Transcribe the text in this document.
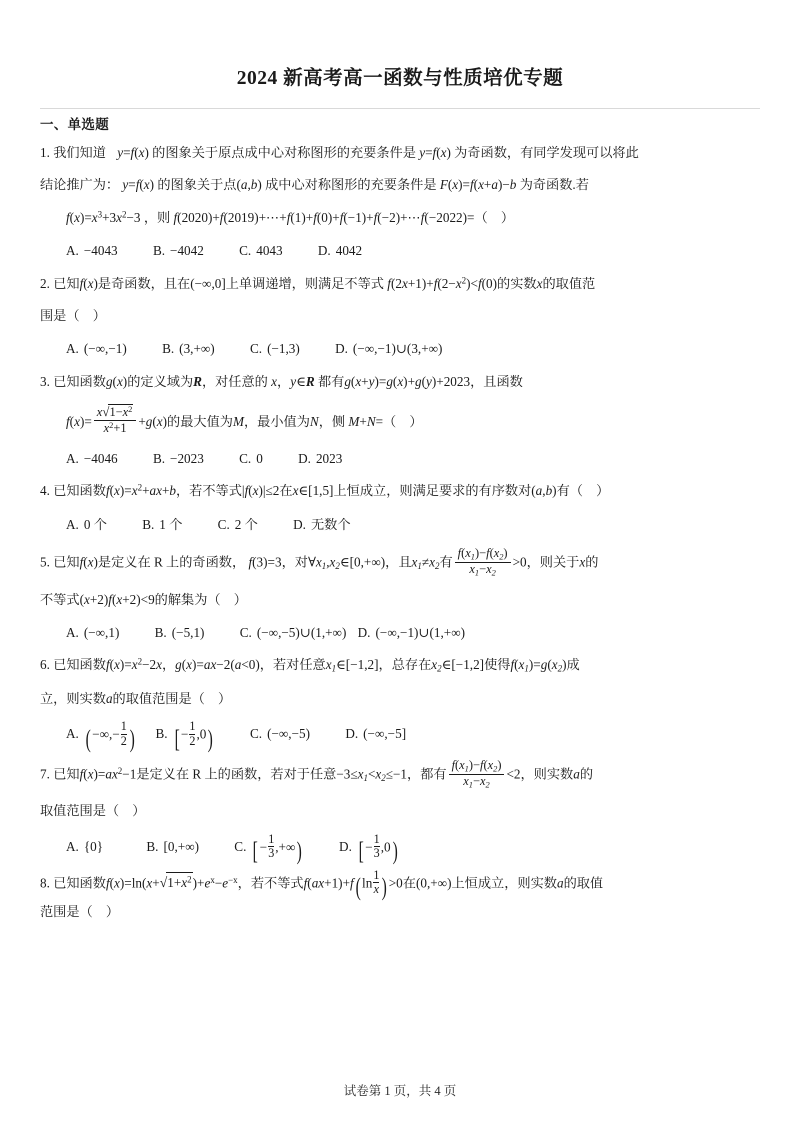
2024 新高考高一函数与性质培优专题
一、单选题
1. 我们知道 y=f(x) 的图象关于原点成中心对称图形的充要条件是 y=f(x) 为奇函数，有同学发现可以将此
结论推广为： y=f(x) 的图象关于点(a,b) 成中心对称图形的充要条件是 F(x)=f(x+a)−b 为奇函数.若
$f(x)=x^3+3x^2-3$ ，则 f(2020)+f(2019)+⋯+f(1)+f(0)+f(−1)+f(−2)+⋯f(−2022)=（　）
A. −4043	B. −4042	C. 4043	D. 4042
2. 已知f(x)是奇函数，且在(−∞,0]上单调递增，则满足不等式 $f(2x+1)+f(2-x^2)<f(0)$的实数x的取值范
围是（　）
A. (−∞,−1)	B. (3,+∞)	C. (−1,3)	D. (−∞,−1)∪(3,+∞)
3. 已知函数g(x)的定义域为R，对任意的 x，y∈R 都有g(x+y)=g(x)+g(y)+2023，且函数
$f(x)= \frac{x√1-x^2}{x^2+1} +g(x)$的最大值为M，最小值为N，侧 M+N=（　）
A. −4046	B. −2023	C. 0	D. 2023
4. 已知函数$f(x)=x^2+ax+b$，若不等式|f(x)|≤2在x∈[1,5]上恒成立，则满足要求的有序数对(a,b)有（　）
A. 0 个	B. 1 个	C. 2 个	D. 无数个
5. 已知f(x)是定义在 R 上的奇函数， f(3)=3，对$\forall x_1,x_2\in[0,+\infty)$，且$x_1\ne x_2$有 $\frac{f(x_1)-f(x_2)}{x_1-x_2} >0$，则关于x的
不等式(x+2)f(x+2)<9的解集为（　）
A. (−∞,1)	B. (−5,1)	C. (−∞,−5)∪(1,+∞) D. (−∞,−1)∪(1,+∞)
6. 已知函数$f(x)=x^2-2x$，g(x)=ax−2(a<0)，若对任意$x_1\in[-1,2]$，总存在$x_2\in[-1,2]$使得$f(x_1)=g(x_2)$成
立，则实数a的取值范围是（　）
A. ( −∞,− $\frac{1}{2}$ ) B. [ − $\frac{1}{2} ,0$)	C. (−∞,−5)	D. (−∞,−5]
7. 已知$f(x)=ax^2-1$是定义在 R 上的函数，若对于任意$-3\le x_1<x_2\le-1$，都有 $\frac{f(x_1)-f(x_2)}{x_1-x_2} <2$，则实数a的
取值范围是（　）
A. {0}	B. [0,+∞)	C. [ − $\frac{1}{3}$ ,+∞)	D. [ − $\frac{1}{3} ,0$)
8. 已知函数$f(x)=\ln(x+√1+x^2)+e^x-e^{-x}$，若不等式f(ax+1)+f( $\ln \frac{1}{x}$ ) >0在(0,+∞)上恒成立，则实数a的取值
范围是（　）
试卷第 1 页，共 4 页
